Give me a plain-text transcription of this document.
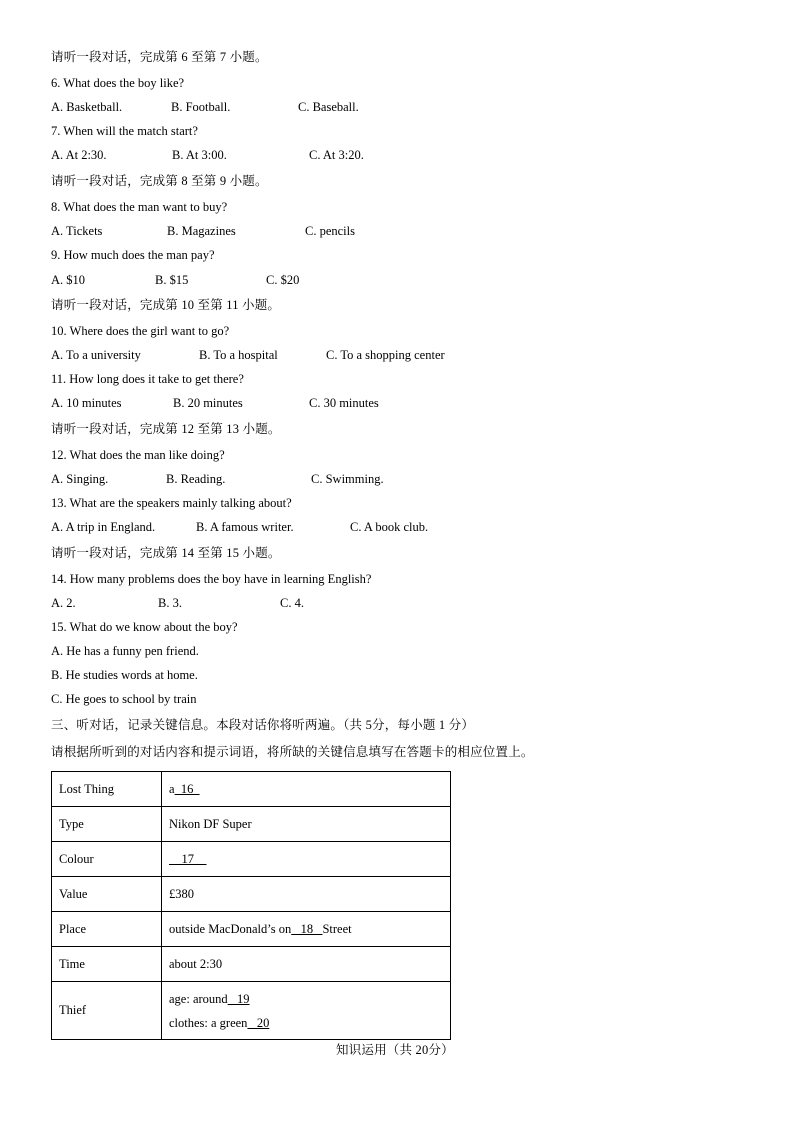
请听一段对话，完成第 6 至第 7 小题。
6. What does the boy like?
A. Basketball.	B. Football.	C. Baseball.
7. When will the match start?
A. At 2:30.	B. At 3:00.	C. At 3:20.
请听一段对话，完成第 8 至第 9 小题。
8. What does the man want to buy?
A. Tickets	B. Magazines	C. pencils
9. How much does the man pay?
A. $10	B. $15	C. $20
请听一段对话，完成第 10 至第 11 小题。
10. Where does the girl want to go?
A. To a university	B. To a hospital	C. To a shopping center
11. How long does it take to get there?
A. 10 minutes	B. 20 minutes	C. 30 minutes
请听一段对话，完成第 12 至第 13 小题。
12. What does the man like doing?
A. Singing.	B. Reading.	C. Swimming.
13. What are the speakers mainly talking about?
A. A trip in England.	B. A famous writer.	C. A book club.
请听一段对话，完成第 14 至第 15 小题。
14. How many problems does the boy have in learning English?
A. 2.	B. 3.	C. 4.
15. What do we know about the boy?
A. He has a funny pen friend.
B. He studies words at home.
C. He goes to school by train
三、听对话，记录关键信息。本段对话你将听两遍。（共 5分，每小题 1 分）
请根据所听到的对话内容和提示词语，将所缺的关键信息填写在答题卡的相应位置上。
Lost Thing	a  16
Type	Nikon DF Super
Colour	17
Value	£380
Place	outside MacDonald’s on   18   Street
Time	about 2:30
Thief	age: around   19
clothes: a green   20
知识运用（共 20分）
